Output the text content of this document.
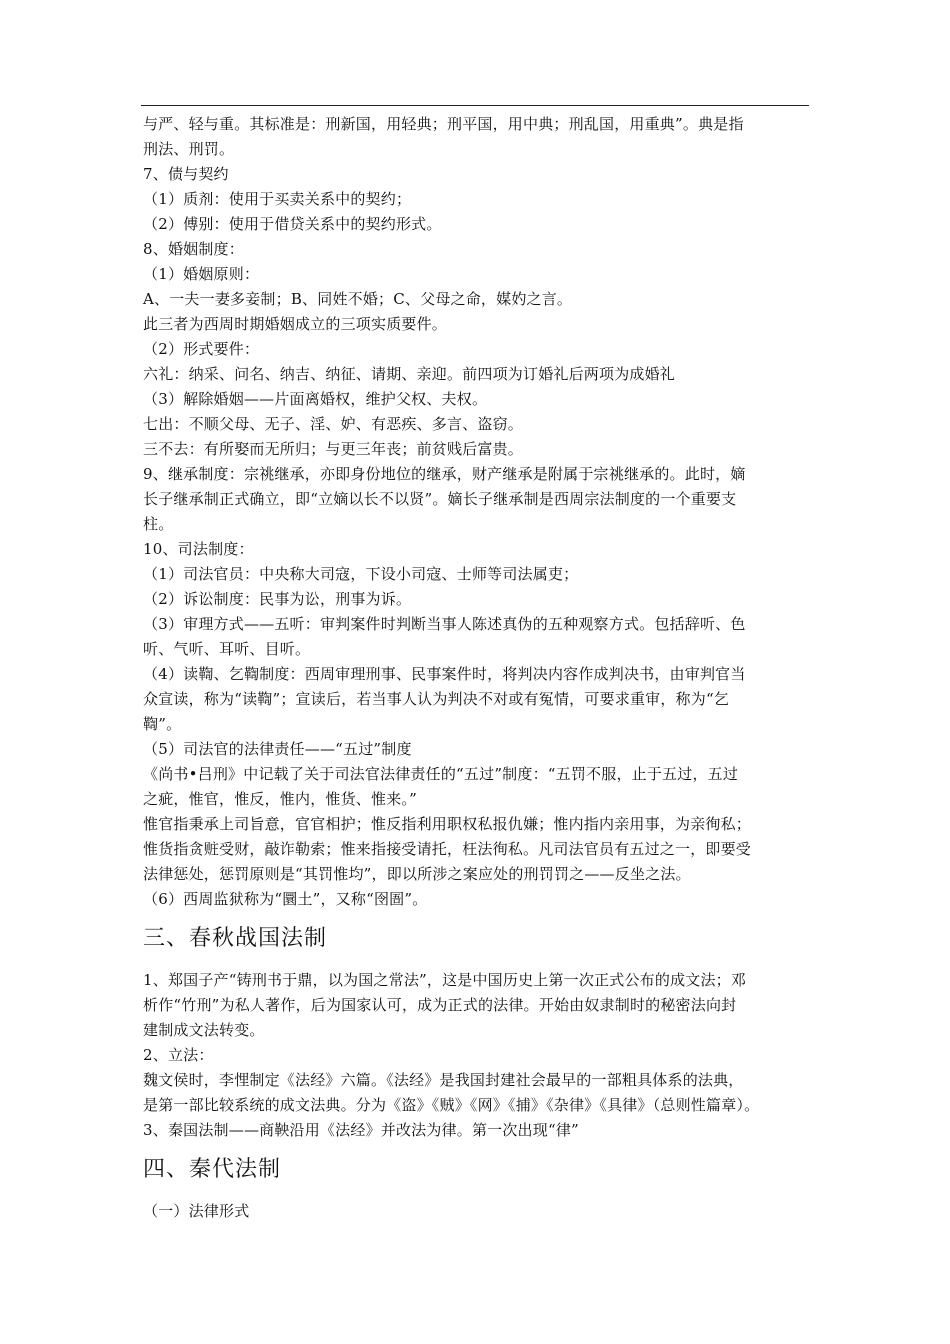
与严、轻与重。其标准是：刑新国，用轻典；刑平国，用中典；刑乱国，用重典”。典是指
刑法、刑罚。
7、债与契约
（1）质剂：使用于买卖关系中的契约；
（2）傅别：使用于借贷关系中的契约形式。
8、婚姻制度：
（1）婚姻原则：
A、一夫一妻多妾制；B、同姓不婚；C、父母之命，媒妁之言。
此三者为西周时期婚姻成立的三项实质要件。
（2）形式要件：
六礼：纳采、问名、纳吉、纳征、请期、亲迎。前四项为订婚礼后两项为成婚礼
（3）解除婚姻——片面离婚权，维护父权、夫权。
七出：不顺父母、无子、淫、妒、有恶疾、多言、盗窃。
三不去：有所娶而无所归；与更三年丧；前贫贱后富贵。
9、继承制度：宗祧继承，亦即身份地位的继承，财产继承是附属于宗祧继承的。此时，嫡
长子继承制正式确立，即“立嫡以长不以贤”。嫡长子继承制是西周宗法制度的一个重要支
柱。
10、司法制度：
（1）司法官员：中央称大司寇，下设小司寇、士师等司法属吏；
（2）诉讼制度：民事为讼，刑事为诉。
（3）审理方式——五听：审判案件时判断当事人陈述真伪的五种观察方式。包括辞听、色
听、气听、耳听、目听。
（4）读鞫、乞鞫制度：西周审理刑事、民事案件时，将判决内容作成判决书，由审判官当
众宣读，称为“读鞫”；宣读后，若当事人认为判决不对或有冤情，可要求重审，称为“乞
鞫”。
（5）司法官的法律责任——“五过”制度
《尚书•吕刑》中记载了关于司法官法律责任的“五过”制度：“五罚不服，止于五过，五过
之疵，惟官，惟反，惟内，惟货、惟来。”
惟官指秉承上司旨意，官官相护；惟反指利用职权私报仇嫌；惟内指内亲用事，为亲徇私；
惟货指贪赃受财，敲诈勒索；惟来指接受请托，枉法徇私。凡司法官员有五过之一，即要受
法律惩处，惩罚原则是“其罚惟均”，即以所涉之案应处的刑罚罚之——反坐之法。
（6）西周监狱称为“圜土”，又称“囹圄”。
三、春秋战国法制
1、郑国子产“铸刑书于鼎，以为国之常法”，这是中国历史上第一次正式公布的成文法；邓
析作“竹刑”为私人著作，后为国家认可，成为正式的法律。开始由奴隶制时的秘密法向封
建制成文法转变。
2、立法：
魏文侯时，李悝制定《法经》六篇。《法经》是我国封建社会最早的一部粗具体系的法典，
是第一部比较系统的成文法典。分为《盗》《贼》《网》《捕》《杂律》《具律》（总则性篇章）。
3、秦国法制——商鞅沿用《法经》并改法为律。第一次出现“律”
四、秦代法制
（一）法律形式
